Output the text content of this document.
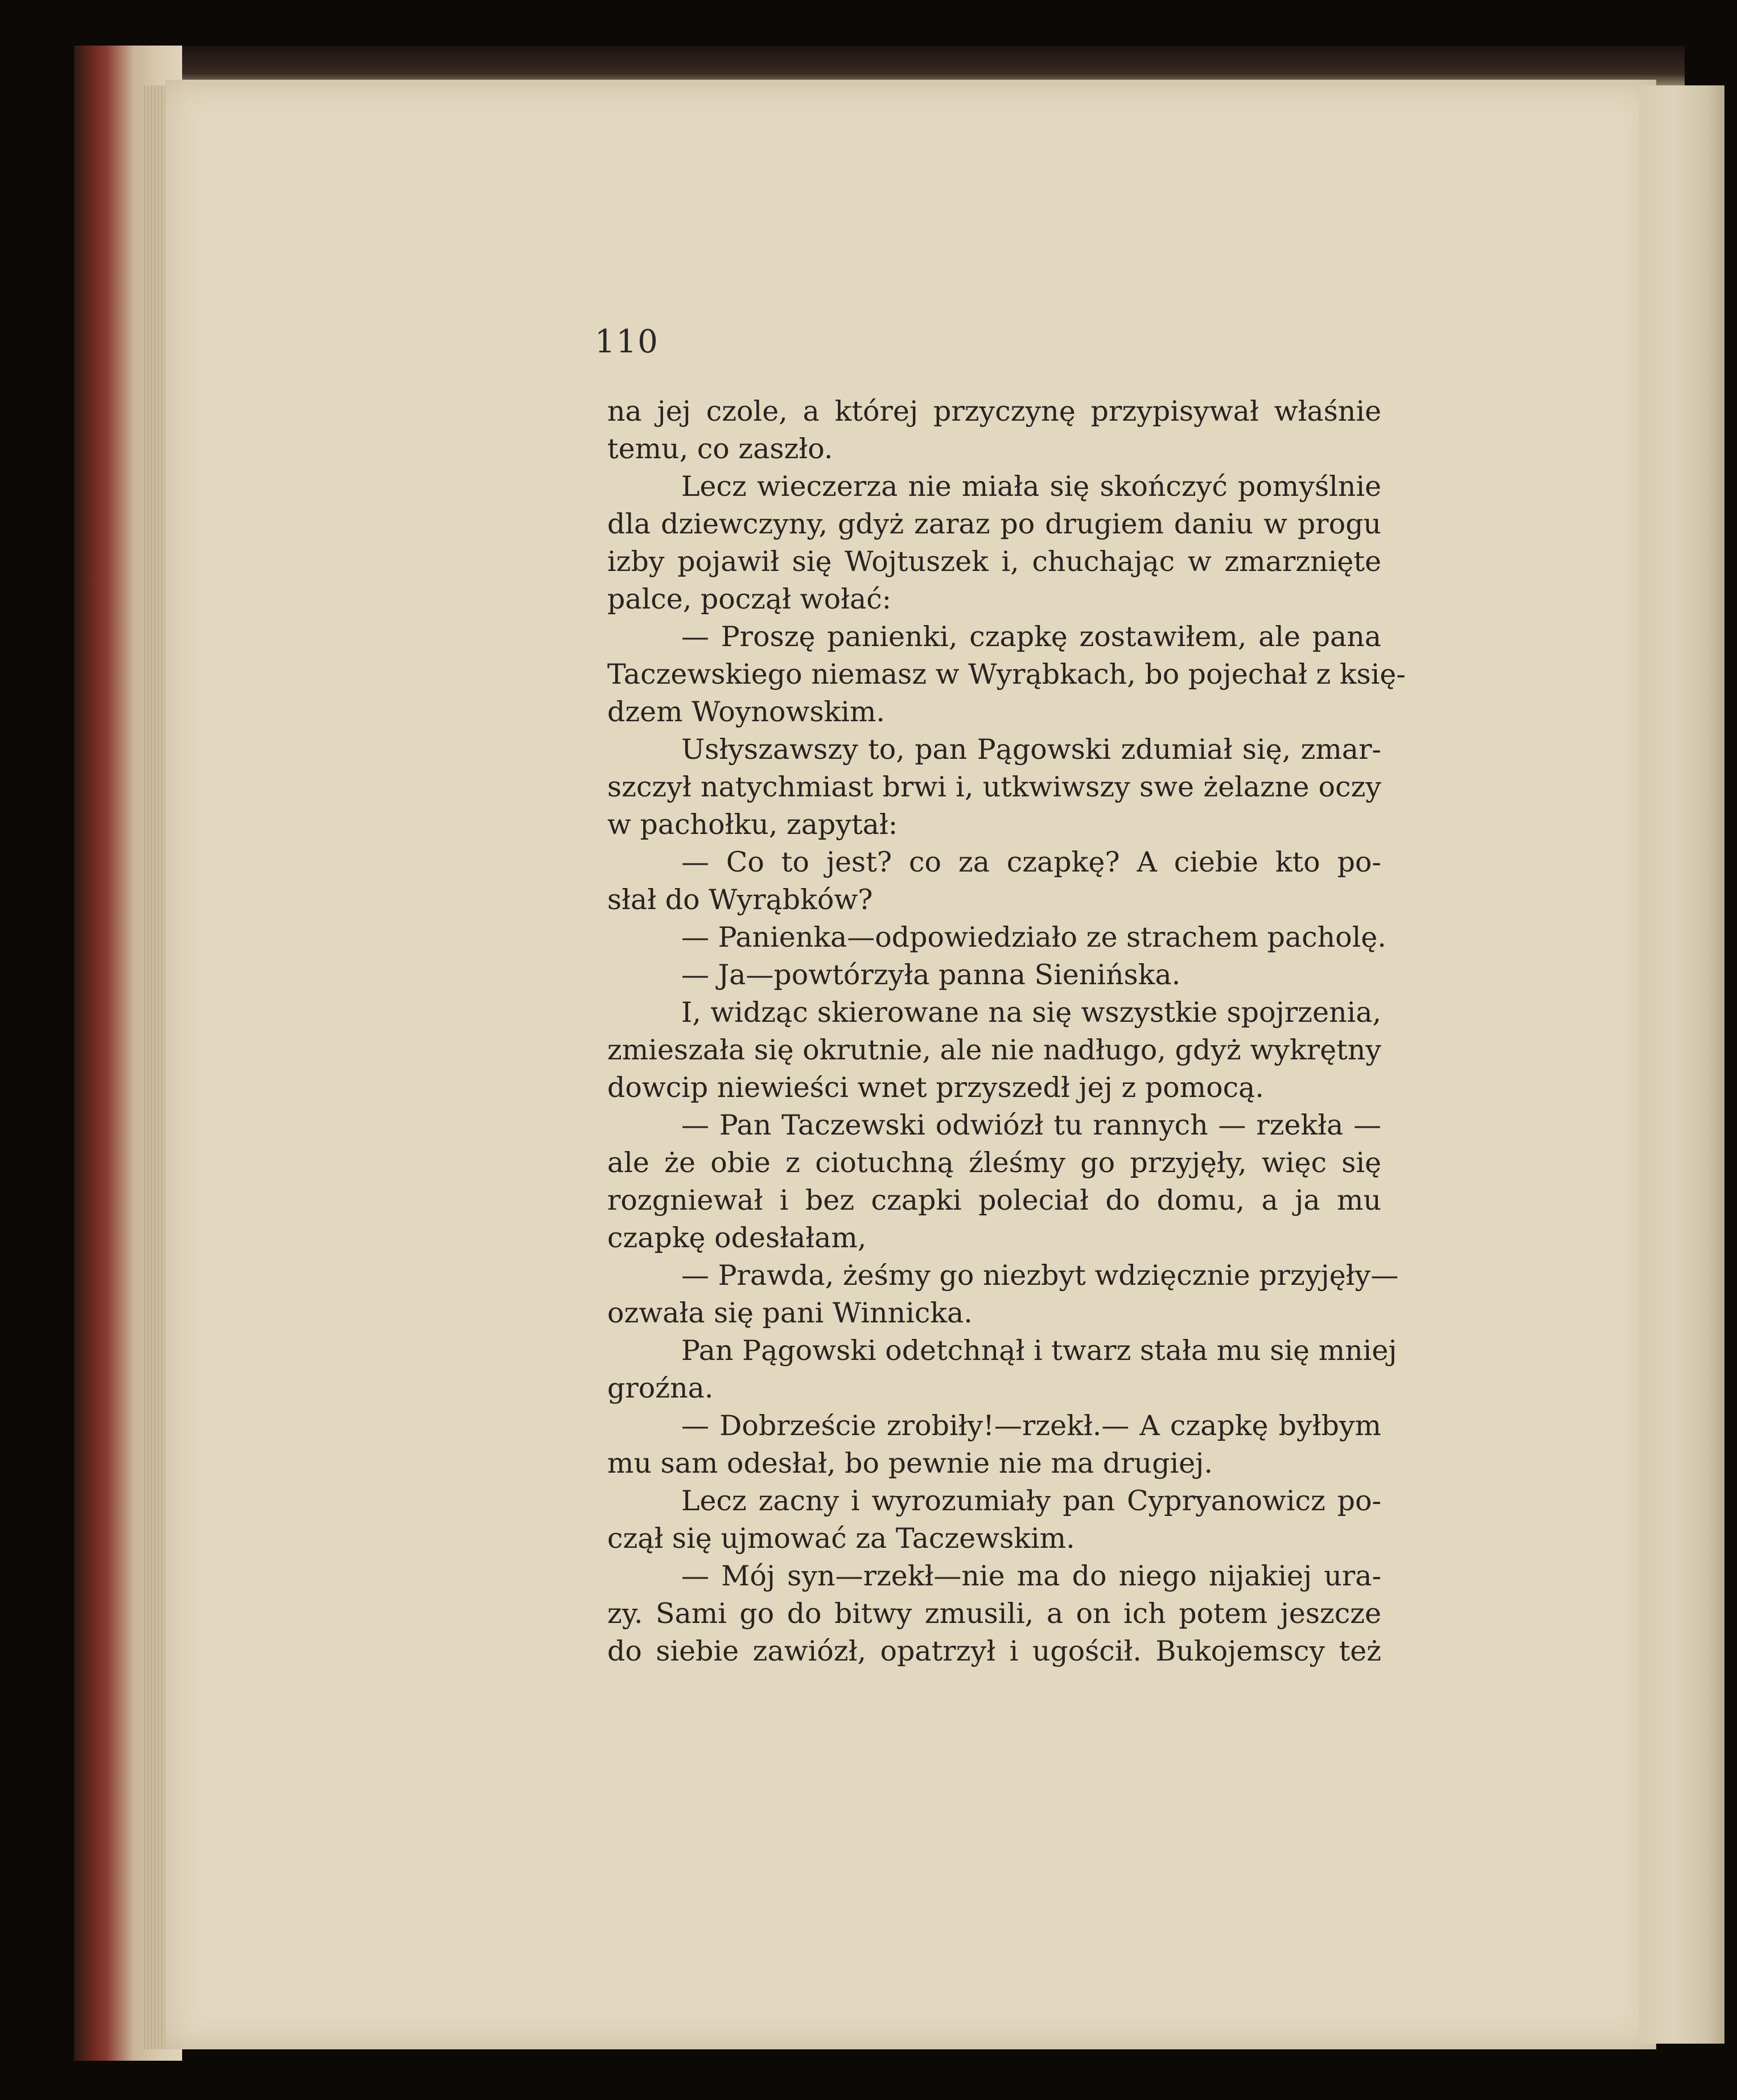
110
na jej czole, a której przyczynę przypisywał właśnie
temu, co zaszło.
Lecz wieczerza nie miała się skończyć pomyślnie
dla dziewczyny, gdyż zaraz po drugiem daniu w progu
izby pojawił się Wojtuszek i, chuchając w zmarznięte
palce, począł wołać:
— Proszę panienki, czapkę zostawiłem, ale pana
Taczewskiego niemasz w Wyrąbkach, bo pojechał z księ-
dzem Woynowskim.
Usłyszawszy to, pan Pągowski zdumiał się, zmar-
szczył natychmiast brwi i, utkwiwszy swe żelazne oczy
w pachołku, zapytał:
— Co to jest? co za czapkę? A ciebie kto po-
słał do Wyrąbków?
— Panienka—odpowiedziało ze strachem pacholę.
— Ja—powtórzyła panna Sienińska.
I, widząc skierowane na się wszystkie spojrzenia,
zmieszała się okrutnie, ale nie nadługo, gdyż wykrętny
dowcip niewieści wnet przyszedł jej z pomocą.
— Pan Taczewski odwiózł tu rannych — rzekła —
ale że obie z ciotuchną źleśmy go przyjęły, więc się
rozgniewał i bez czapki poleciał do domu, a ja mu
czapkę odesłałam,
— Prawda, żeśmy go niezbyt wdzięcznie przyjęły—
ozwała się pani Winnicka.
Pan Pągowski odetchnął i twarz stała mu się mniej
groźna.
— Dobrzeście zrobiły!—rzekł.— A czapkę byłbym
mu sam odesłał, bo pewnie nie ma drugiej.
Lecz zacny i wyrozumiały pan Cypryanowicz po-
czął się ujmować za Taczewskim.
— Mój syn—rzekł—nie ma do niego nijakiej ura-
zy. Sami go do bitwy zmusili, a on ich potem jeszcze
do siebie zawiózł, opatrzył i ugościł. Bukojemscy też
